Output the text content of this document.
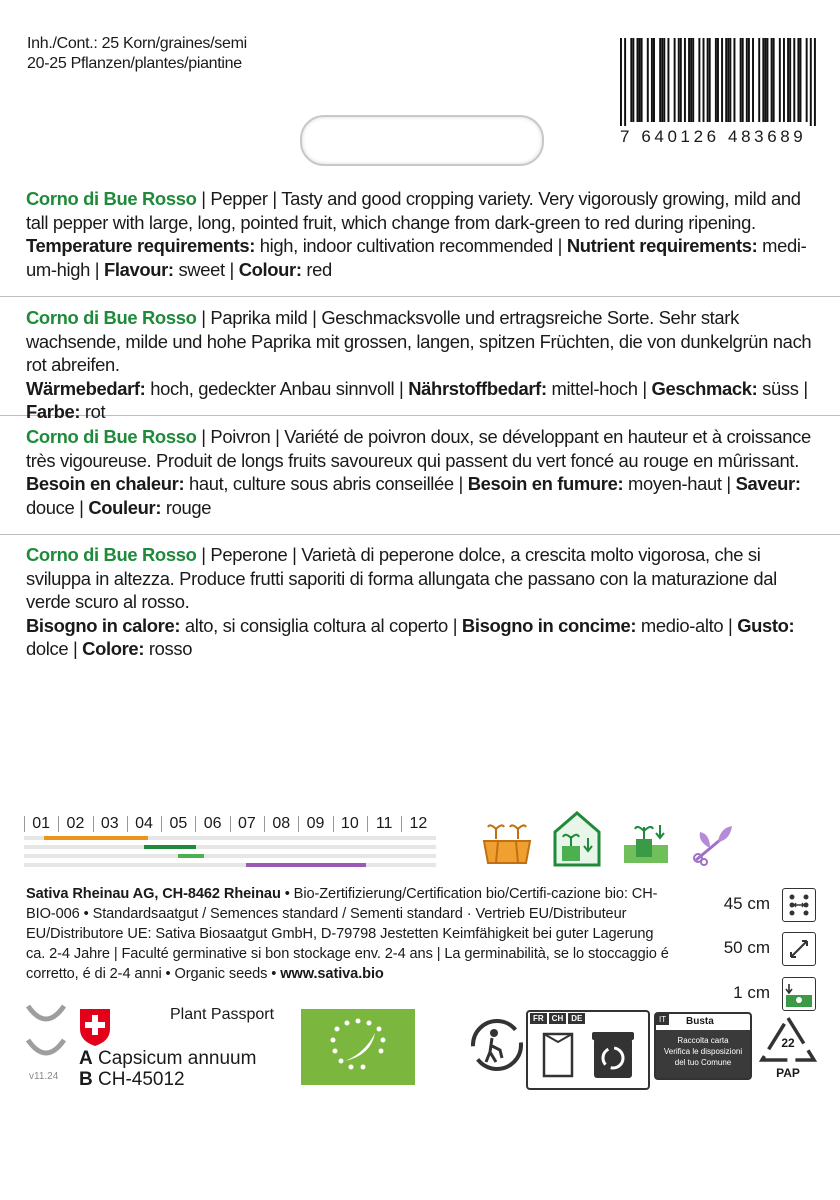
Inh./Cont.: 25 Korn/graines/semi
20-25 Pflanzen/plantes/piantine
7 640126 483689
Corno di Bue Rosso | Pepper | Tasty and good cropping variety. Very vigorously growing, mild and tall pepper with large, long, pointed fruit, which change from dark-green to red during ripening.
Temperature requirements: high, indoor cultivation recommended | Nutrient requirements: medi-um-high | Flavour: sweet | Colour: red
Corno di Bue Rosso | Paprika mild | Geschmacksvolle und ertragsreiche Sorte. Sehr stark wachsende, milde und hohe Paprika mit grossen, langen, spitzen Früchten, die von dunkelgrün nach rot abreifen.
Wärmebedarf: hoch, gedeckter Anbau sinnvoll | Nährstoffbedarf: mittel-hoch | Geschmack: süss | Farbe: rot
Corno di Bue Rosso | Poivron | Variété de poivron doux, se développant en hauteur et à croissance très vigoureuse. Produit de longs fruits savoureux qui passent du vert foncé au rouge en mûrissant.
Besoin en chaleur: haut, culture sous abris conseillée | Besoin en fumure: moyen-haut | Saveur: douce | Couleur: rouge
Corno di Bue Rosso | Peperone | Varietà di peperone dolce, a crescita molto vigorosa, che si sviluppa in altezza. Produce frutti saporiti di forma allungata che passano con la maturazione dal verde scuro al rosso.
Bisogno in calore: alto, si consiglia coltura al coperto | Bisogno in concime: medio-alto | Gusto: dolce | Colore: rosso
01	02	03	04	05	06	07	08	09	10	11	12
Sativa Rheinau AG, CH-8462 Rheinau • Bio-Zertifizierung/Certification bio/Certifi-cazione bio: CH-BIO-006 • Standardsaatgut / Semences standard / Sementi standard · Vertrieb EU/Distributeur EU/Distributore UE: Sativa Biosaatgut GmbH, D-79798 Jestetten Keimfähigkeit bei guter Lagerung ca. 2-4 Jahre | Faculté germinative si bon stockage env. 2-4 ans | La germinabilità, se lo stoccaggio é corretto, é di 2-4 anni • Organic seeds • www.sativa.bio
45 cm
50 cm
1 cm
v11.24
Plant Passport
A Capsicum annuum
B CH-45012
FR	CH	DE	IT	Busta
Raccolta carta
Verifica le disposizioni
del tuo Comune
22
PAP
